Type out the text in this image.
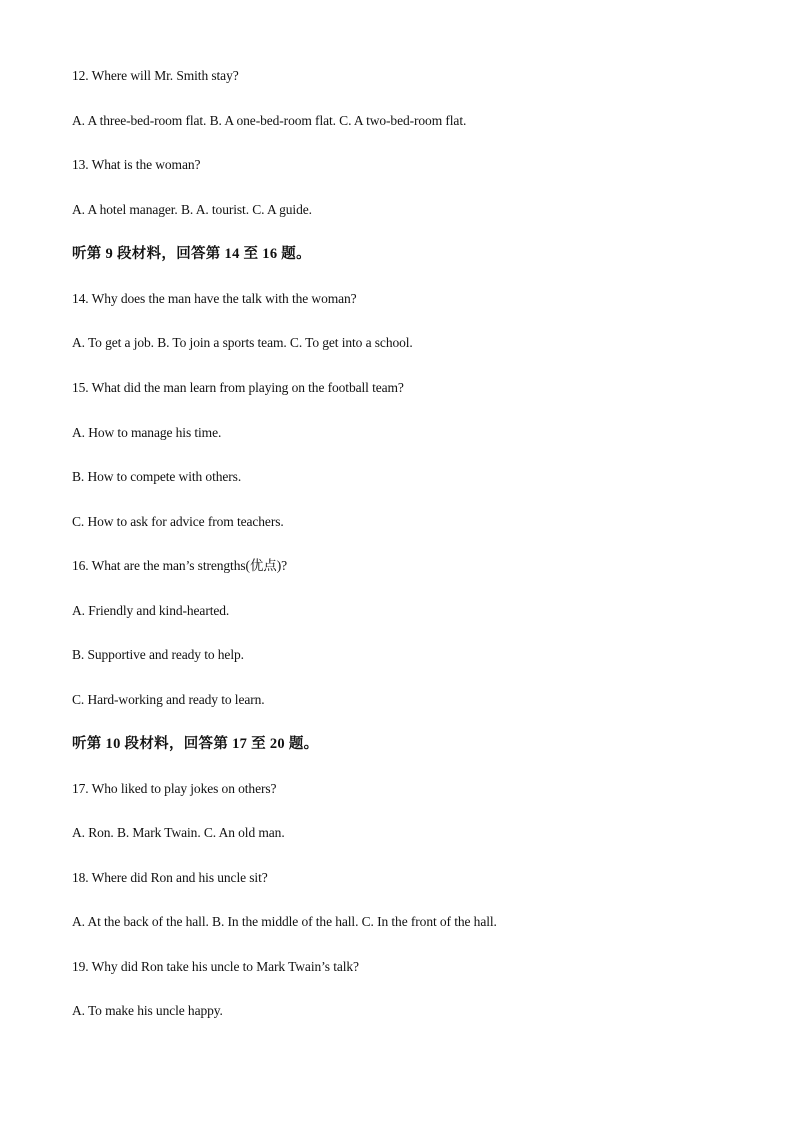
12. Where will Mr. Smith stay?
A. A three-bed-room flat. B. A one-bed-room flat. C. A two-bed-room flat.
13. What is the woman?
A. A hotel manager. B. A. tourist. C. A guide.
听第 9 段材料，回答第 14 至 16 题。
14. Why does the man have the talk with the woman?
A. To get a job. B. To join a sports team. C. To get into a school.
15. What did the man learn from playing on the football team?
A. How to manage his time.
B. How to compete with others.
C. How to ask for advice from teachers.
16. What are the man’s strengths(优点)?
A. Friendly and kind-hearted.
B. Supportive and ready to help.
C. Hard-working and ready to learn.
听第 10 段材料，回答第 17 至 20 题。
17. Who liked to play jokes on others?
A. Ron. B. Mark Twain. C. An old man.
18. Where did Ron and his uncle sit?
A. At the back of the hall. B. In the middle of the hall. C. In the front of the hall.
19. Why did Ron take his uncle to Mark Twain’s talk?
A. To make his uncle happy.
